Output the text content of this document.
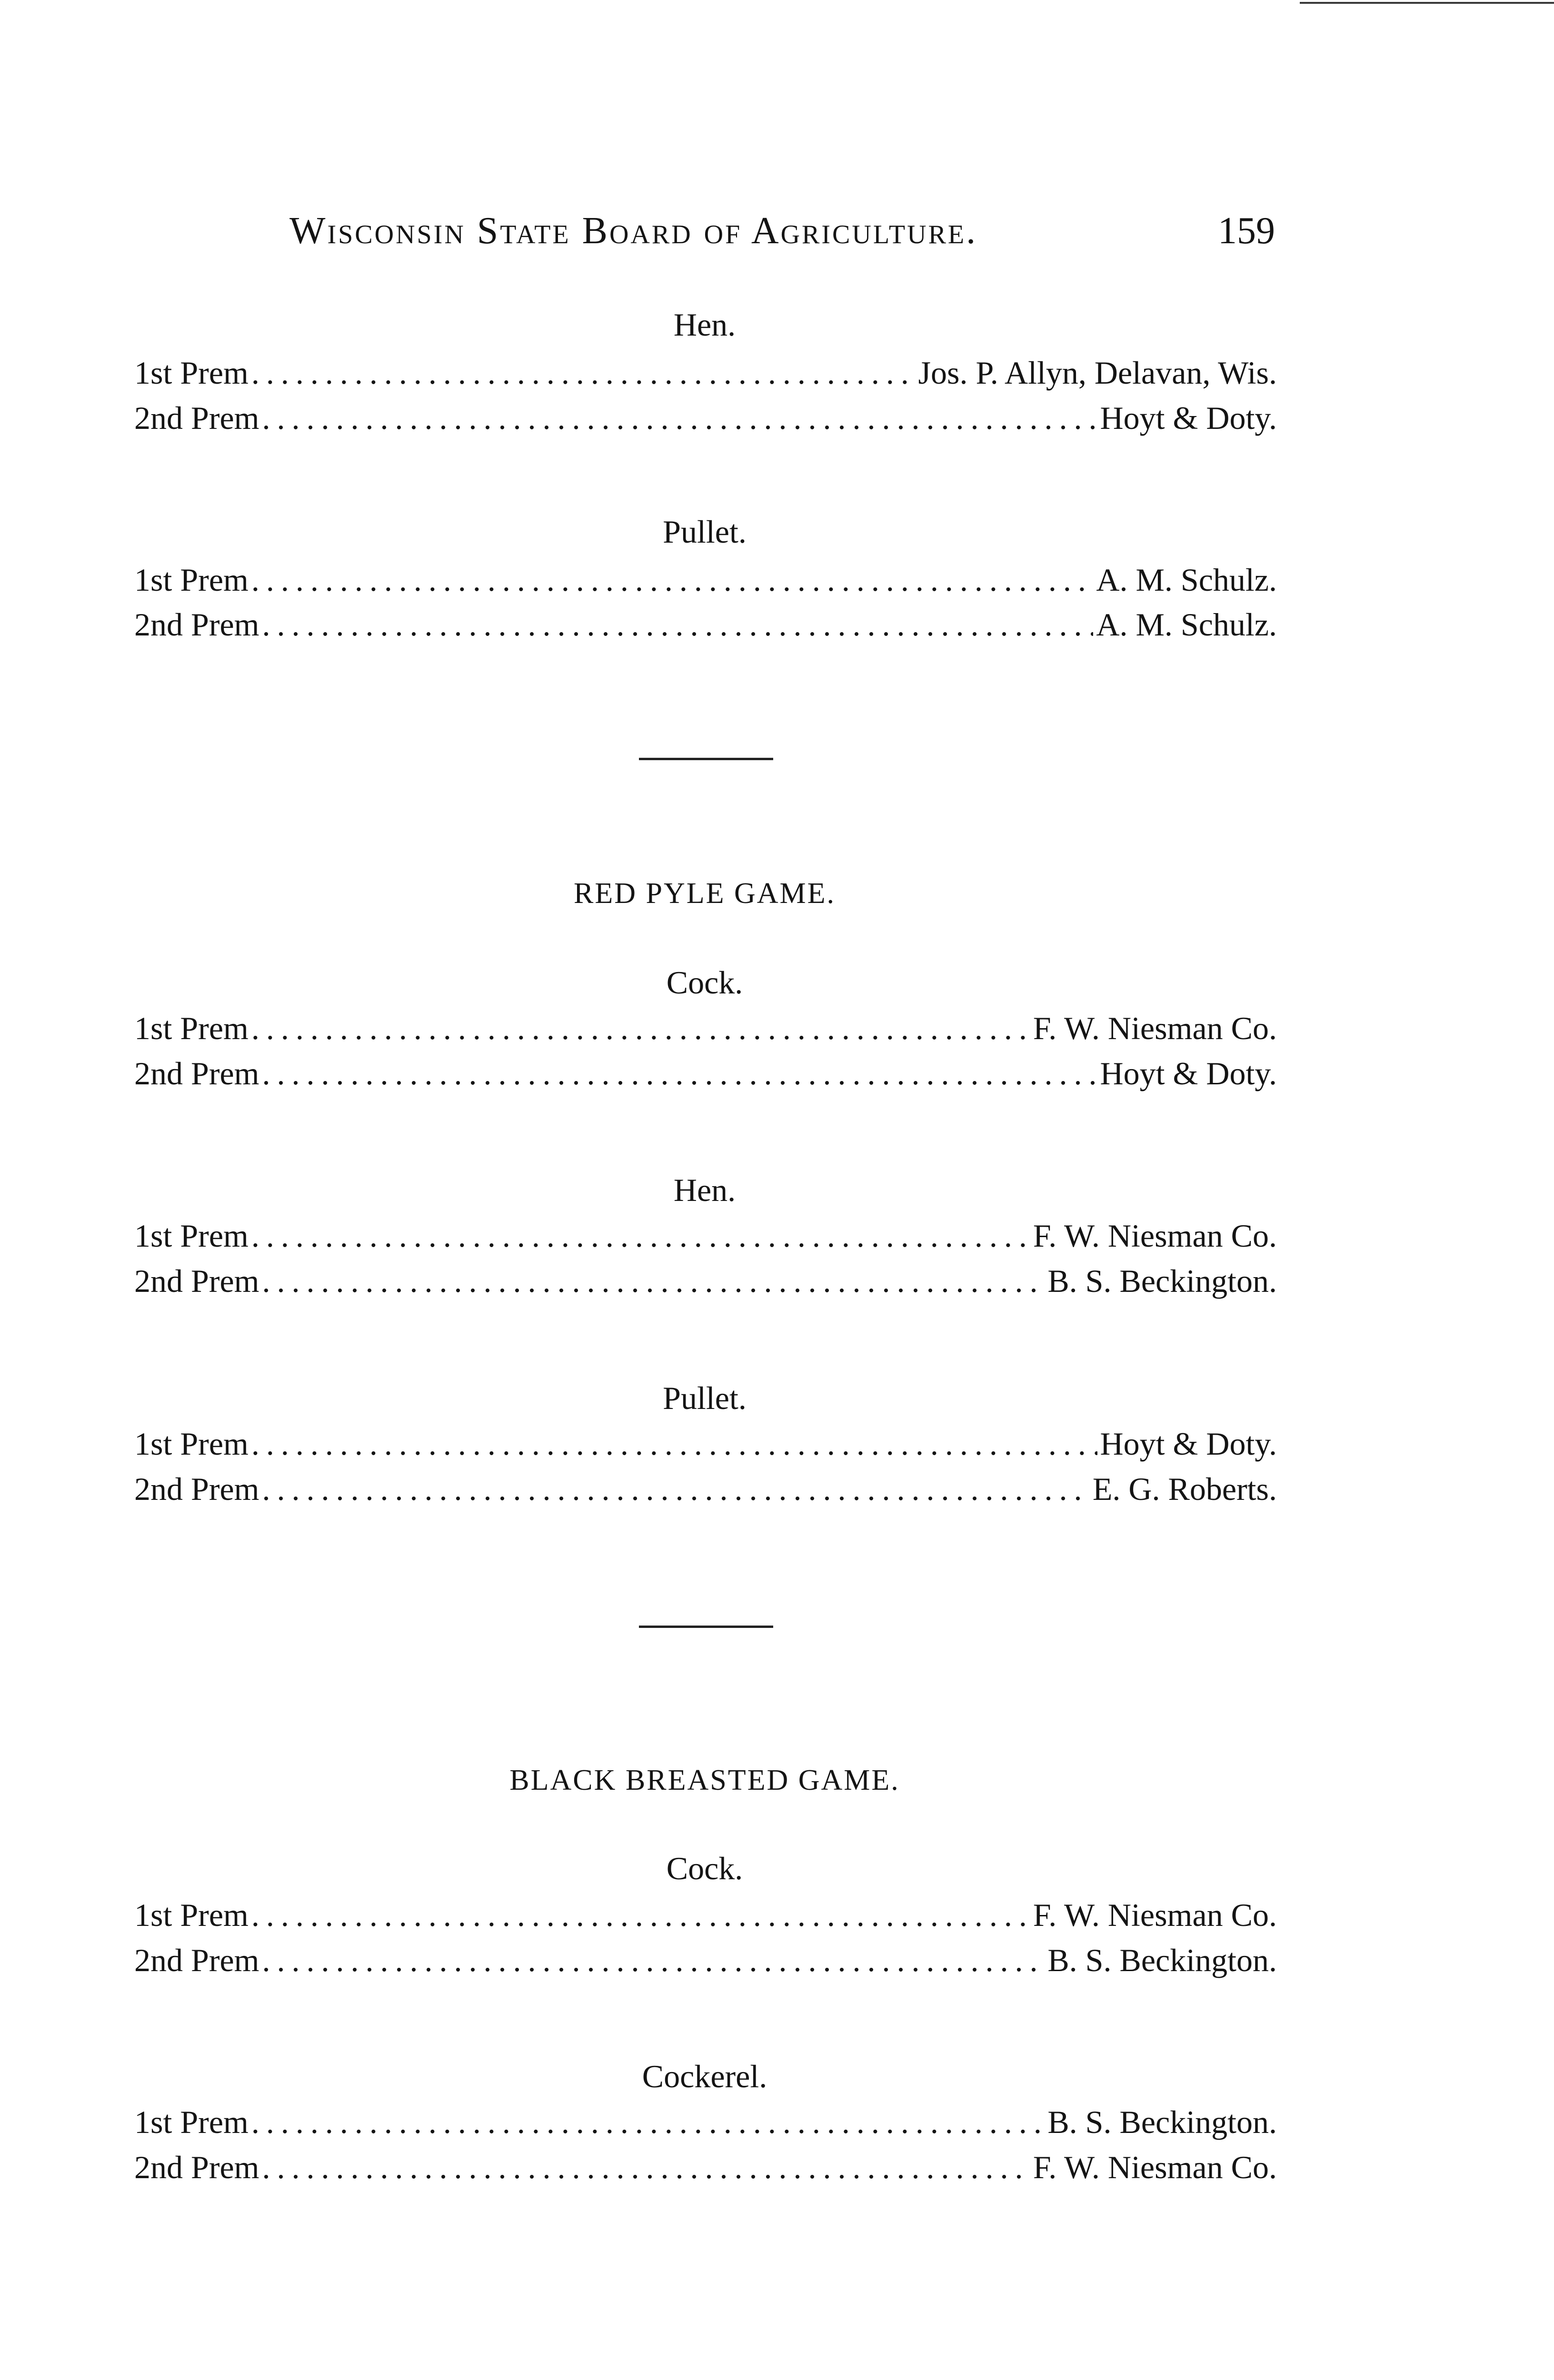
Wisconsin State Board of Agriculture.	159
Hen.
1st Prem .....	Jos. P. Allyn, Delavan, Wis.
2nd Prem .....	Hoyt & Doty.
Pullet.
1st Prem .....	A. M. Schulz.
2nd Prem .....	A. M. Schulz.
RED PYLE GAME.
Cock.
1st Prem .....	F. W. Niesman Co.
2nd Prem .....	Hoyt & Doty.
Hen.
1st Prem .....	F. W. Niesman Co.
2nd Prem .....	B. S. Beckington.
Pullet.
1st Prem .....	Hoyt & Doty.
2nd Prem .....	E. G. Roberts.
BLACK BREASTED GAME.
Cock.
1st Prem .....	F. W. Niesman Co.
2nd Prem .....	B. S. Beckington.
Cockerel.
1st Prem .....	B. S. Beckington.
2nd Prem .....	F. W. Niesman Co.
